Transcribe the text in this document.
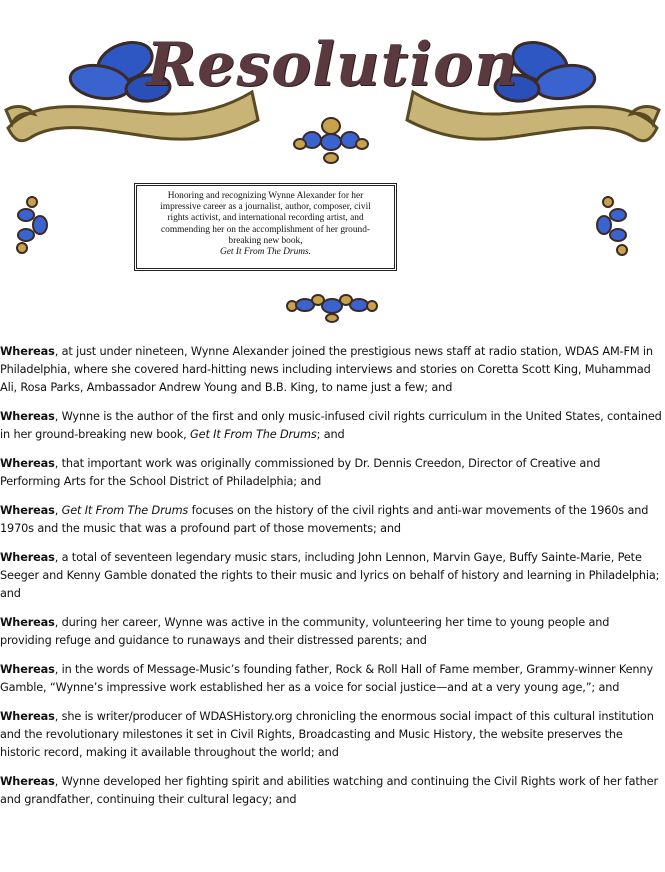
Resolution
Honoring and recognizing Wynne Alexander for her impressive career as a journalist, author, composer, civil rights activist, and international recording artist, and commending her on the accomplishment of her ground-breaking new book,
Get It From The Drums.

Whereas, at just under nineteen, Wynne Alexander joined the prestigious news staff at radio station, WDAS AM-FM in Philadelphia, where she covered hard-hitting news including interviews and stories on Coretta Scott King, Muhammad Ali, Rosa Parks, Ambassador Andrew Young and B.B. King, to name just a few; and

Whereas, Wynne is the author of the first and only music-infused civil rights curriculum in the United States, contained in her ground-breaking new book, Get It From The Drums; and

Whereas, that important work was originally commissioned by Dr. Dennis Creedon, Director of Creative and Performing Arts for the School District of Philadelphia; and

Whereas, Get It From The Drums focuses on the history of the civil rights and anti-war movements of the 1960s and 1970s and the music that was a profound part of those movements; and

Whereas, a total of seventeen legendary music stars, including John Lennon, Marvin Gaye, Buffy Sainte-Marie, Pete Seeger and Kenny Gamble donated the rights to their music and lyrics on behalf of history and learning in Philadelphia; and

Whereas, during her career, Wynne was active in the community, volunteering her time to young people and providing refuge and guidance to runaways and their distressed parents; and

Whereas, in the words of Message-Music’s founding father, Rock & Roll Hall of Fame member, Grammy-winner Kenny Gamble, “Wynne’s impressive work established her as a voice for social justice—and at a very young age,”; and

Whereas, she is writer/producer of WDASHistory.org chronicling the enormous social impact of this cultural institution and the revolutionary milestones it set in Civil Rights, Broadcasting and Music History, the website preserves the historic record, making it available throughout the world; and

Whereas, Wynne developed her fighting spirit and abilities watching and continuing the Civil Rights work of her father and grandfather, continuing their cultural legacy; and
